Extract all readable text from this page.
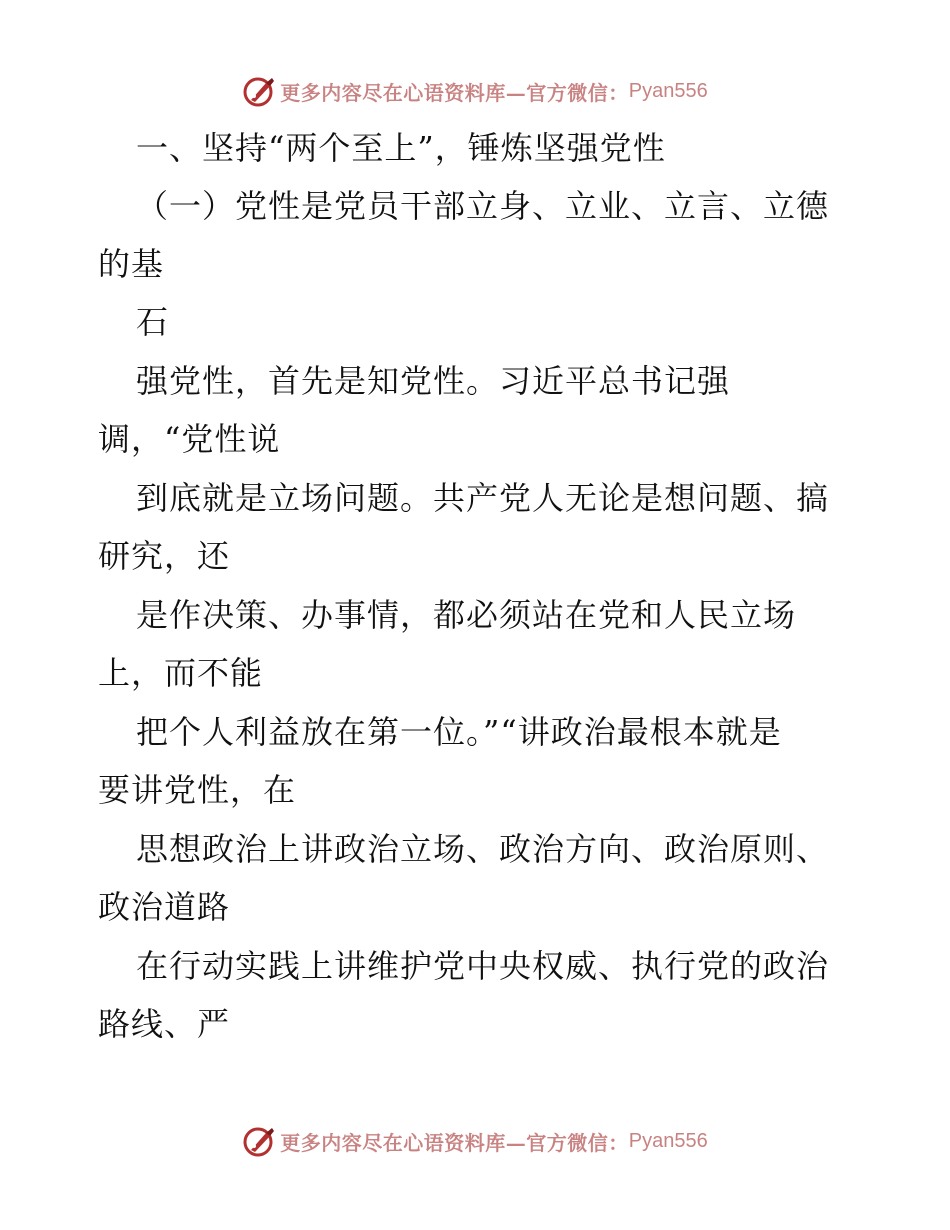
更多内容尽在心语资料库—官方微信： Pyan556
一、坚持“两个至上”，锤炼坚强党性
（一）党性是党员干部立身、立业、立言、立德
的基
石
强党性，首先是知党性。习近平总书记强
调，“党性说
到底就是立场问题。共产党人无论是想问题、搞
研究，还
是作决策、办事情，都必须站在党和人民立场
上，而不能
把个人利益放在第一位。”“讲政治最根本就是
要讲党性，在
思想政治上讲政治立场、政治方向、政治原则、
政治道路
在行动实践上讲维护党中央权威、执行党的政治
路线、严
更多内容尽在心语资料库—官方微信： Pyan556
